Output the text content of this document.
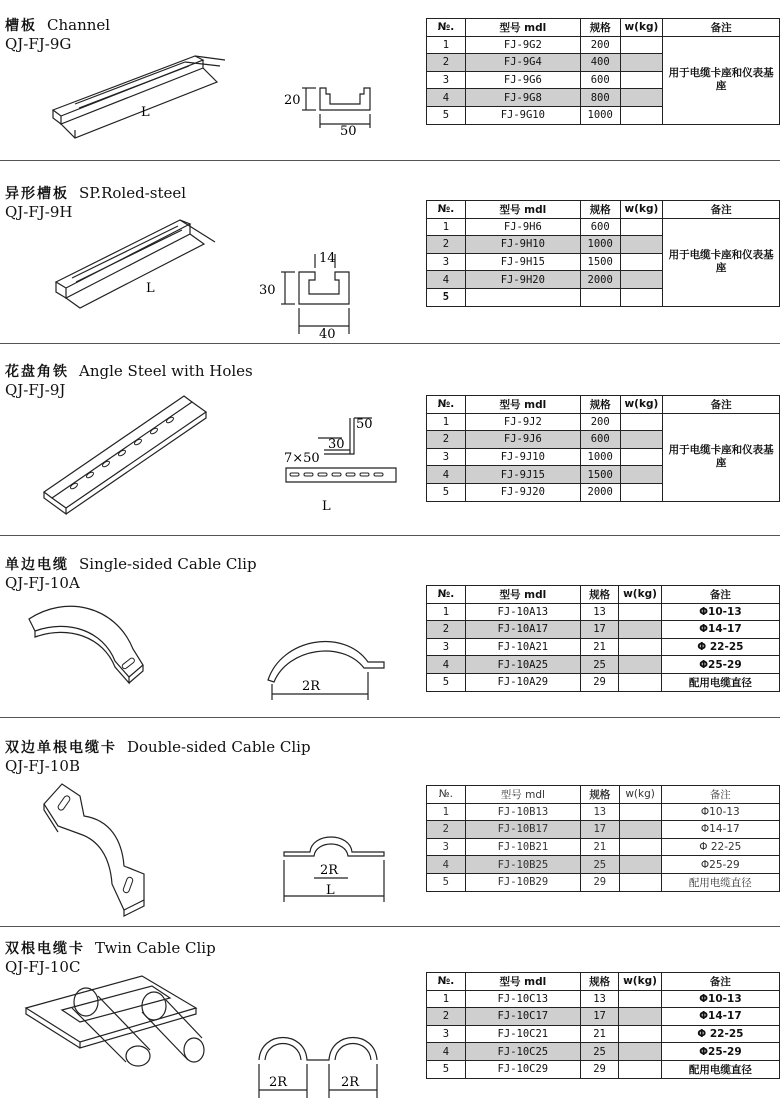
槽板 Channel
QJ-FJ-9G
L
20
50
№.	型号 mdl	规格	w(kg)	备注
1	FJ-9G2	200		用于电缆卡座和仪表基座
2	FJ-9G4	400		
3	FJ-9G6	600		
4	FJ-9G8	800		
5	FJ-9G10	1000		
异形槽板 SP.Roled-steel
QJ-FJ-9H
L
14
30
40
№.	型号 mdl	规格	w(kg)	备注
1	FJ-9H6	600		用于电缆卡座和仪表基座
2	FJ-9H10	1000		
3	FJ-9H15	1500		
4	FJ-9H20	2000		
5				
花盘角铁 Angle Steel with Holes
QJ-FJ-9J
50
30
7×50
L
№.	型号 mdl	规格	w(kg)	备注
1	FJ-9J2	200		用于电缆卡座和仪表基座
2	FJ-9J6	600		
3	FJ-9J10	1000		
4	FJ-9J15	1500		
5	FJ-9J20	2000		
单边电缆 Single-sided Cable Clip
QJ-FJ-10A
2R
№.	型号 mdl	规格	w(kg)	备注
1	FJ-10A13	13		Φ10-13
2	FJ-10A17	17		Φ14-17
3	FJ-10A21	21		Φ 22-25
4	FJ-10A25	25		Φ25-29
5	FJ-10A29	29		配用电缆直径
双边单根电缆卡 Double-sided Cable Clip
QJ-FJ-10B
2R
L
№.	型号 mdl	规格	w(kg)	备注
1	FJ-10B13	13		Φ10-13
2	FJ-10B17	17		Φ14-17
3	FJ-10B21	21		Φ 22-25
4	FJ-10B25	25		Φ25-29
5	FJ-10B29	29		配用电缆直径
双根电缆卡 Twin Cable Clip
QJ-FJ-10C
2R	2R
№.	型号 mdl	规格	w(kg)	备注
1	FJ-10C13	13		Φ10-13
2	FJ-10C17	17		Φ14-17
3	FJ-10C21	21		Φ 22-25
4	FJ-10C25	25		Φ25-29
5	FJ-10C29	29		配用电缆直径
